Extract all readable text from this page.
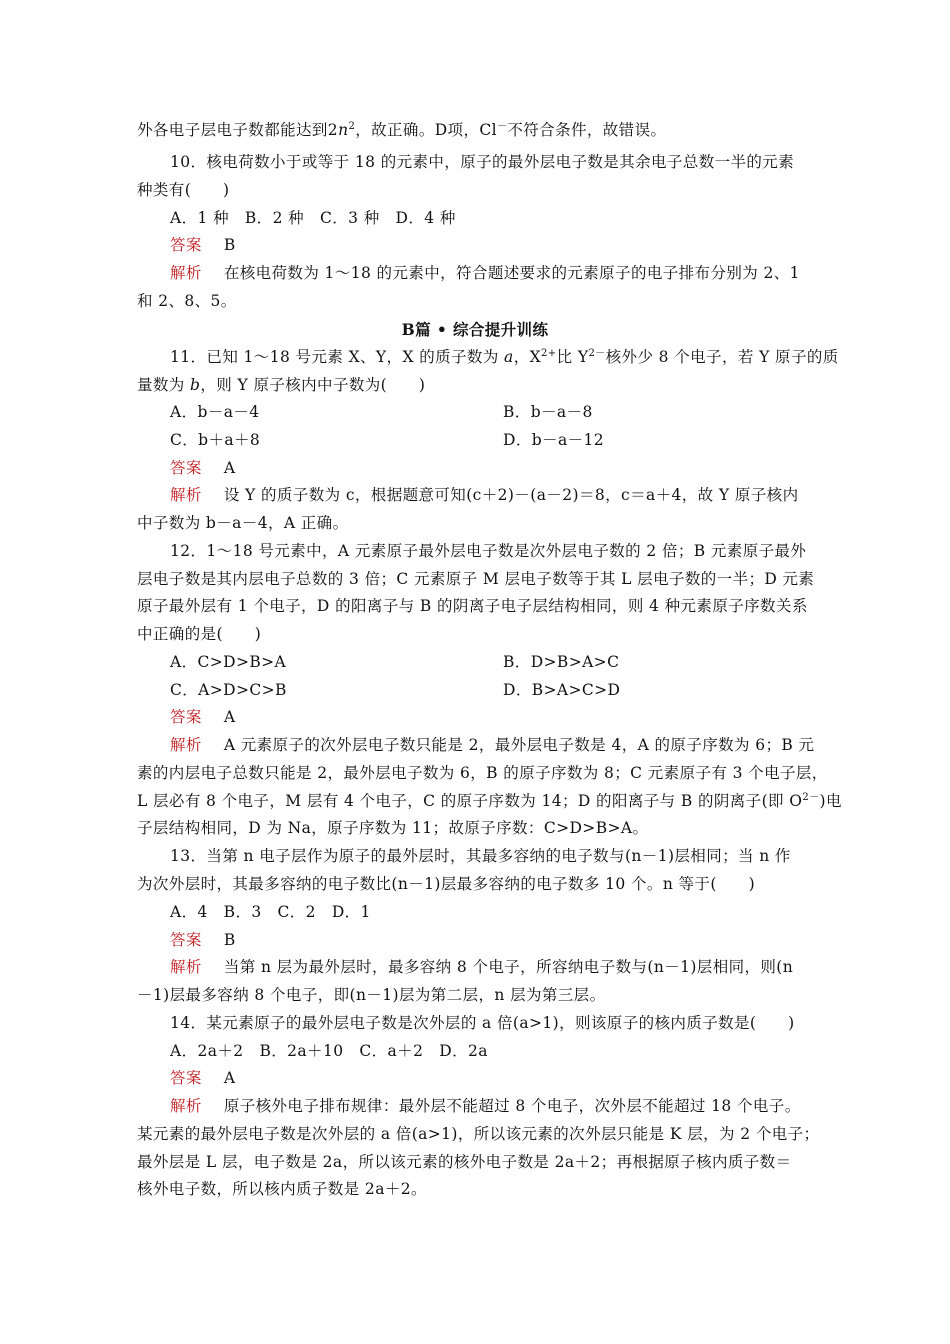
外各电子层电子数都能达到$2n^2$，故正确。D项，Cl－不符合条件，故错误。
10．核电荷数小于或等于 18 的元素中，原子的最外层电子数是其余电子总数一半的元素
种类有(　　)
A．1 种　B．2 种　C．3 种　D．4 种
答案 B
解析 在核电荷数为 1～18 的元素中，符合题述要求的元素原子的电子排布分别为 2、1
和 2、8、5。
B篇 • 综合提升训练
11．已知 1～18 号元素 X、Y，X 的质子数为 a，$X^{2+}$比 $Y^{2-}$核外少 8 个电子，若 Y 原子的质
量数为 b，则 Y 原子核内中子数为(　　)
A．b－a－4	B．b－a－8
C．b＋a＋8	D．b－a－12
答案 A
解析 设 Y 的质子数为 c，根据题意可知(c＋2)－(a－2)＝8，c＝a＋4，故 Y 原子核内
中子数为 b－a－4，A 正确。
12．1～18 号元素中，A 元素原子最外层电子数是次外层电子数的 2 倍；B 元素原子最外
层电子数是其内层电子总数的 3 倍；C 元素原子 M 层电子数等于其 L 层电子数的一半；D 元素
原子最外层有 1 个电子，D 的阳离子与 B 的阴离子电子层结构相同，则 4 种元素原子序数关系
中正确的是(　　)
A．C>D>B>A	B．D>B>A>C
C．A>D>C>B	D．B>A>C>D
答案 A
解析 A 元素原子的次外层电子数只能是 2，最外层电子数是 4，A 的原子序数为 6；B 元
素的内层电子总数只能是 2，最外层电子数为 6，B 的原子序数为 8；C 元素原子有 3 个电子层，
L 层必有 8 个电子，M 层有 4 个电子，C 的原子序数为 14；D 的阳离子与 B 的阴离子(即 $O^{2-}$)电
子层结构相同，D 为 Na，原子序数为 11；故原子序数：C>D>B>A。
13．当第 n 电子层作为原子的最外层时，其最多容纳的电子数与(n－1)层相同；当 n 作
为次外层时，其最多容纳的电子数比(n－1)层最多容纳的电子数多 10 个。n 等于(　　)
A．4　B．3　C．2　D．1
答案 B
解析 当第 n 层为最外层时，最多容纳 8 个电子，所容纳电子数与(n－1)层相同，则(n
－1)层最多容纳 8 个电子，即(n－1)层为第二层，n 层为第三层。
14．某元素原子的最外层电子数是次外层的 a 倍(a>1)，则该原子的核内质子数是(　　)
A．2a＋2　B．2a＋10　C．a＋2　D．2a
答案 A
解析 原子核外电子排布规律：最外层不能超过 8 个电子，次外层不能超过 18 个电子。
某元素的最外层电子数是次外层的 a 倍(a>1)，所以该元素的次外层只能是 K 层，为 2 个电子；
最外层是 L 层，电子数是 2a，所以该元素的核外电子数是 2a＋2；再根据原子核内质子数＝
核外电子数，所以核内质子数是 2a＋2。
